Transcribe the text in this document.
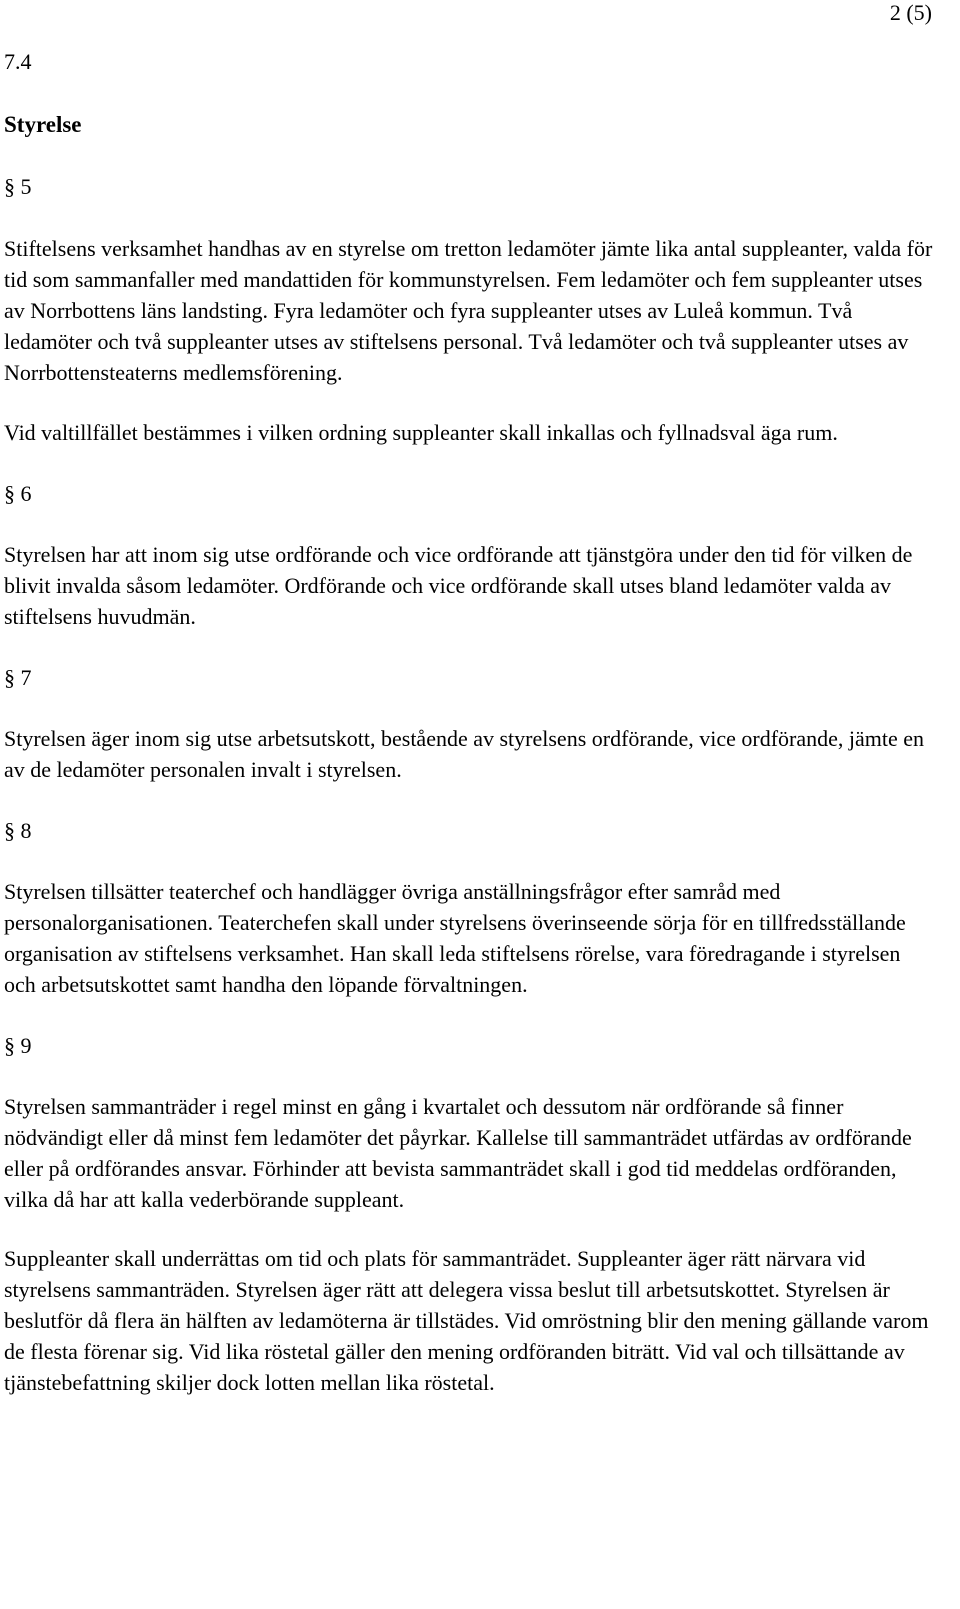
2 (5)

7.4

Styrelse

§ 5

Stiftelsens verksamhet handhas av en styrelse om tretton ledamöter jämte lika antal suppleanter, valda för tid som sammanfaller med mandattiden för kommunstyrelsen. Fem ledamöter och fem suppleanter utses av Norrbottens läns landsting. Fyra ledamöter och fyra suppleanter utses av Luleå kommun. Två ledamöter och två suppleanter utses av stiftelsens personal. Två ledamöter och två suppleanter utses av Norrbottensteaterns medlemsförening.

Vid valtillfället bestämmes i vilken ordning suppleanter skall inkallas och fyllnadsval äga rum.

§ 6

Styrelsen har att inom sig utse ordförande och vice ordförande att tjänstgöra under den tid för vilken de blivit invalda såsom ledamöter. Ordförande och vice ordförande skall utses bland ledamöter valda av stiftelsens huvudmän.

§ 7

Styrelsen äger inom sig utse arbetsutskott, bestående av styrelsens ordförande, vice ordförande, jämte en av de ledamöter personalen invalt i styrelsen.

§ 8

Styrelsen tillsätter teaterchef och handlägger övriga anställningsfrågor efter samråd med personalorganisationen. Teaterchefen skall under styrelsens överinseende sörja för en tillfredsställande organisation av stiftelsens verksamhet. Han skall leda stiftelsens rörelse, vara föredragande i styrelsen och arbetsutskottet samt handha den löpande förvaltningen.

§ 9

Styrelsen sammanträder i regel minst en gång i kvartalet och dessutom när ordförande så finner nödvändigt eller då minst fem ledamöter det påyrkar. Kallelse till sammanträdet utfärdas av ordförande eller på ordförandes ansvar. Förhinder att bevista sammanträdet skall i god tid meddelas ordföranden, vilka då har att kalla vederbörande suppleant.

Suppleanter skall underrättas om tid och plats för sammanträdet. Suppleanter äger rätt närvara vid styrelsens sammanträden. Styrelsen äger rätt att delegera vissa beslut till arbetsutskottet. Styrelsen är beslutför då flera än hälften av ledamöterna är tillstädes. Vid omröstning blir den mening gällande varom de flesta förenar sig. Vid lika röstetal gäller den mening ordföranden biträtt. Vid val och tillsättande av tjänstebefattning skiljer dock lotten mellan lika röstetal.
